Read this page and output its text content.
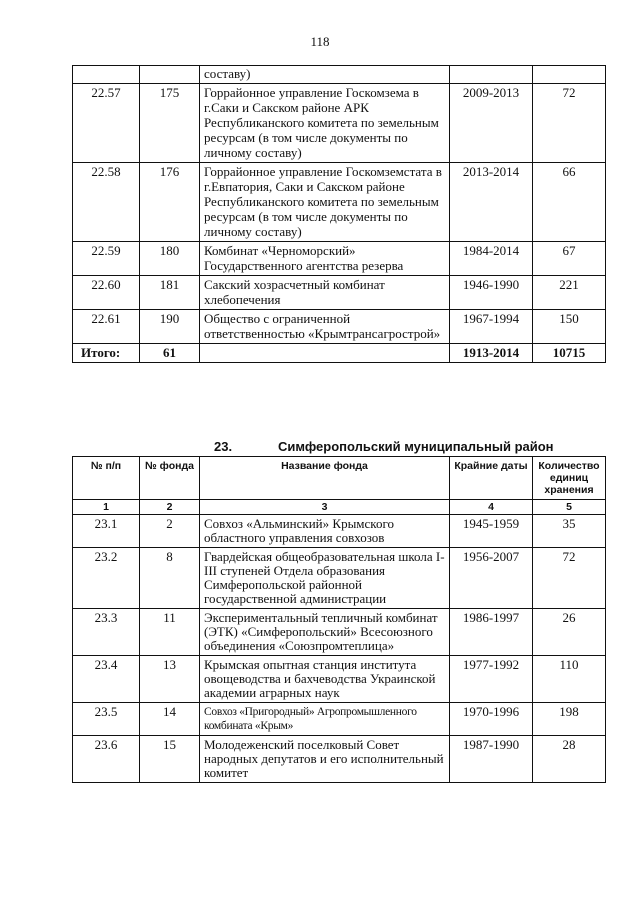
118
		составу)		
22.57	175	Горрайонное управление Госкомзема в г.Саки и Сакском районе АРК Республиканского комитета по земельным ресурсам (в том числе документы по личному составу)	2009-2013	72
22.58	176	Горрайонное управление Госкомземстата в г.Евпатория, Саки и Сакском районе Республиканского комитета по земельным ресурсам (в том числе документы по личному составу)	2013-2014	66
22.59	180	Комбинат «Черноморский» Государственного агентства резерва	1984-2014	67
22.60	181	Сакский хозрасчетный комбинат хлебопечения	1946-1990	221
22.61	190	Общество с ограниченной ответственностью «Крымтрансагрострой»	1967-1994	150
Итого:	61		1913-2014	10715
23.	Симферопольский муниципальный район
№ п/п	№ фонда	Название фонда	Крайние даты	Количество единиц хранения
1	2	3	4	5
23.1	2	Совхоз «Альминский» Крымского областного управления совхозов	1945-1959	35
23.2	8	Гвардейская общеобразовательная школа I-III ступеней Отдела образования Симферопольской районной государственной администрации	1956-2007	72
23.3	11	Экспериментальный тепличный комбинат (ЭТК) «Симферопольский» Всесоюзного объединения «Союзпромтеплица»	1986-1997	26
23.4	13	Крымская опытная станция института овощеводства и бахчеводства Украинской академии аграрных наук	1977-1992	110
23.5	14	Совхоз «Пригородный» Агропромышленного комбината «Крым»	1970-1996	198
23.6	15	Молодеженский поселковый Совет народных депутатов и его исполнительный комитет	1987-1990	28
